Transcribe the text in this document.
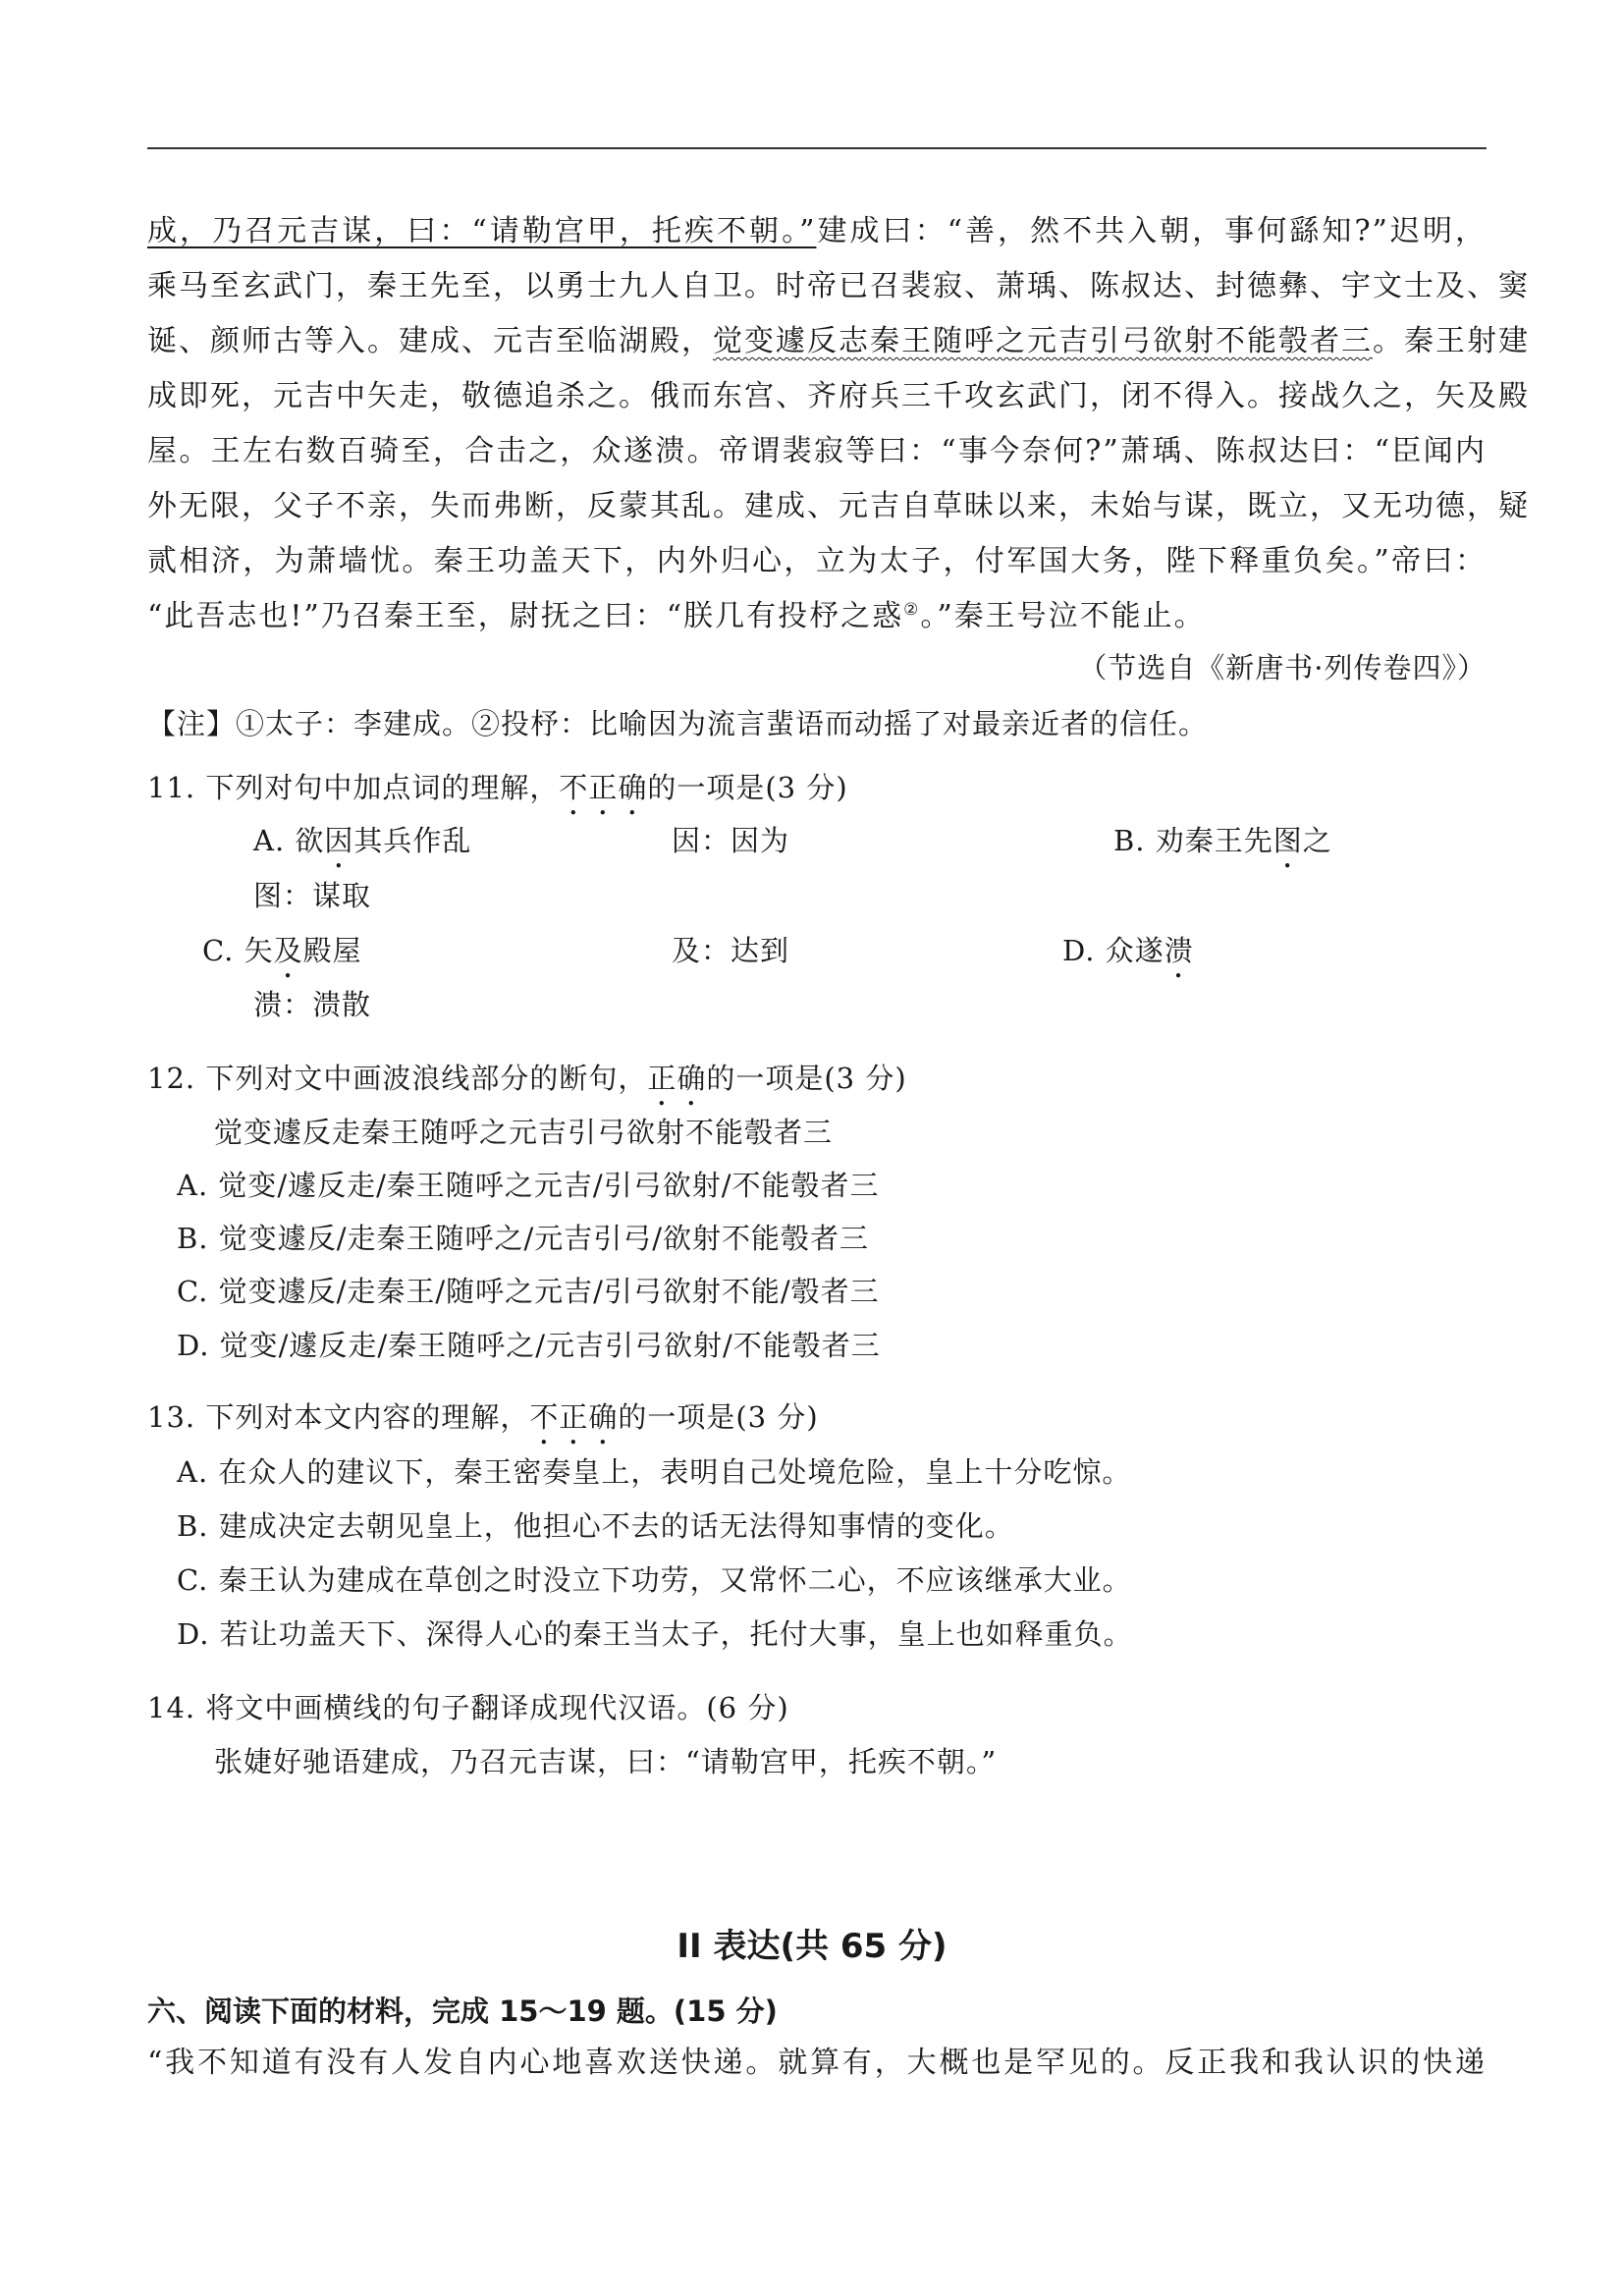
成，乃召元吉谋，曰：“请勒宫甲，托疾不朝。”建成曰：“善，然不共入朝，事何繇知?”迟明，
乘马至玄武门，秦王先至，以勇士九人自卫。时帝已召裴寂、萧瑀、陈叔达、封德彝、宇文士及、窦
诞、颜师古等入。建成、元吉至临湖殿，觉变遽反志秦王随呼之元吉引弓欲射不能彀者三。秦王射建
成即死，元吉中矢走，敬德追杀之。俄而东宫、齐府兵三千攻玄武门，闭不得入。接战久之，矢及殿
屋。王左右数百骑至，合击之，众遂溃。帝谓裴寂等曰：“事今奈何?”萧瑀、陈叔达曰：“臣闻内
外无限，父子不亲，失而弗断，反蒙其乱。建成、元吉自草昧以来，未始与谋，既立，又无功德，疑
贰相济，为萧墙忧。秦王功盖天下，内外归心，立为太子，付军国大务，陛下释重负矣。”帝曰：
“此吾志也!”乃召秦王至，尉抚之曰：“朕几有投杼之惑②。”秦王号泣不能止。
（节选自《新唐书·列传卷四》）
【注】①太子：李建成。②投杼：比喻因为流言蜚语而动摇了对最亲近者的信任。
11. 下列对句中加点词的理解，不正确的一项是(3 分)
A. 欲因其兵作乱	因：因为	B. 劝秦王先图之
图：谋取
C. 矢及殿屋	及：达到	D. 众遂溃
溃：溃散
12. 下列对文中画波浪线部分的断句，正确的一项是(3 分)
觉变遽反走秦王随呼之元吉引弓欲射不能彀者三
A. 觉变/遽反走/秦王随呼之元吉/引弓欲射/不能彀者三
B. 觉变遽反/走秦王随呼之/元吉引弓/欲射不能彀者三
C. 觉变遽反/走秦王/随呼之元吉/引弓欲射不能/彀者三
D. 觉变/遽反走/秦王随呼之/元吉引弓欲射/不能彀者三
13. 下列对本文内容的理解，不正确的一项是(3 分)
A. 在众人的建议下，秦王密奏皇上，表明自己处境危险，皇上十分吃惊。
B. 建成决定去朝见皇上，他担心不去的话无法得知事情的变化。
C. 秦王认为建成在草创之时没立下功劳，又常怀二心，不应该继承大业。
D. 若让功盖天下、深得人心的秦王当太子，托付大事，皇上也如释重负。
14. 将文中画横线的句子翻译成现代汉语。(6 分)
张婕好驰语建成，乃召元吉谋，曰：“请勒宫甲，托疾不朝。”
II 表达(共 65 分)
六、阅读下面的材料，完成 15～19 题。(15 分)
“我不知道有没有人发自内心地喜欢送快递。就算有，大概也是罕见的。反正我和我认识的快递
